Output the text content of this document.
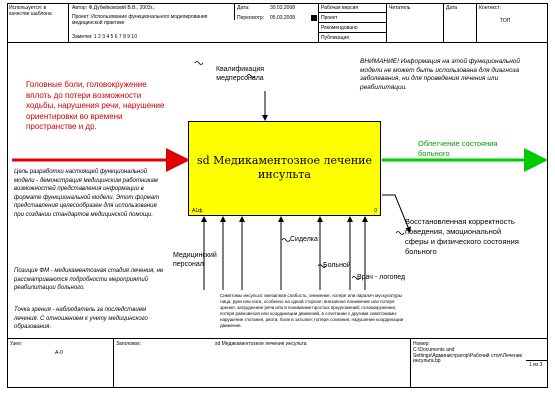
Используется: в качестве шаблона
Автор: Ф.Дубейковский В.В., 2003г.,
Проект: Использование функционального моделирования медицинской практике
Заметки: 1 2 3 4 5 6 7 8 9 10
Дата:	30.03.2008
Пересмотр: 05.03.2008
Рабочая версия
Проект
Рекомендовано
Публикация
Читатель	Дата	Контекст:
ТОП
sd Медикаментозное лечение инсульта
А1ф.	0
Головные боли, головокружение вплоть до потери возможности ходьбы, нарушения речи, нарушение ориентировки во времени пространстве и др.
Облегчение состояния больного
Восстановленная корректность поведения, эмоциональной сферы и физического состояния больного
Квалификация медперсонала
Медицинский персонал
Сиделка
Больной
Врач - логопед
ВНИМАНИЕ! Информация на этой функциональной модели не может быть использована для диагноза заболевания, ни для проведения лечения или реабилитации.
Цель разработки настоящей функциональной модели - демонстрация медицинским работникам возможностей представления информации в формате функциональной модели. Этот формат представления целесообразен для использования при создании стандартов медицинской помощи.
Позиция ФМ - медикаментозная стадия лечения, не рассматриваются подробности мероприятий реабилитации больного.
Точка зрения - наблюдатель за последствием лечения. С отношением к учету медицинского образования.
Симптомы инсульта: внезапная слабость, онемение, потеря или паралич мускулатуры лица, руки или ноги, особенно на одной стороне; внезапное понижение или потеря зрения, затруднение речи или в понимании простых предложений; головокружение, потеря равновесия или координации движений, в сочетании с другими симптомами: нарушение глотания, рвота, боли в затылке; потеря сознания, нарушение координации движения.
Узел:
А-0
Заголовок:	sd Медикаментозное лечение инсульта	Номер:
C:\Documents and Settings\Администратор\Рабочий стол\Лечение инсульта.bp
1 из 3
